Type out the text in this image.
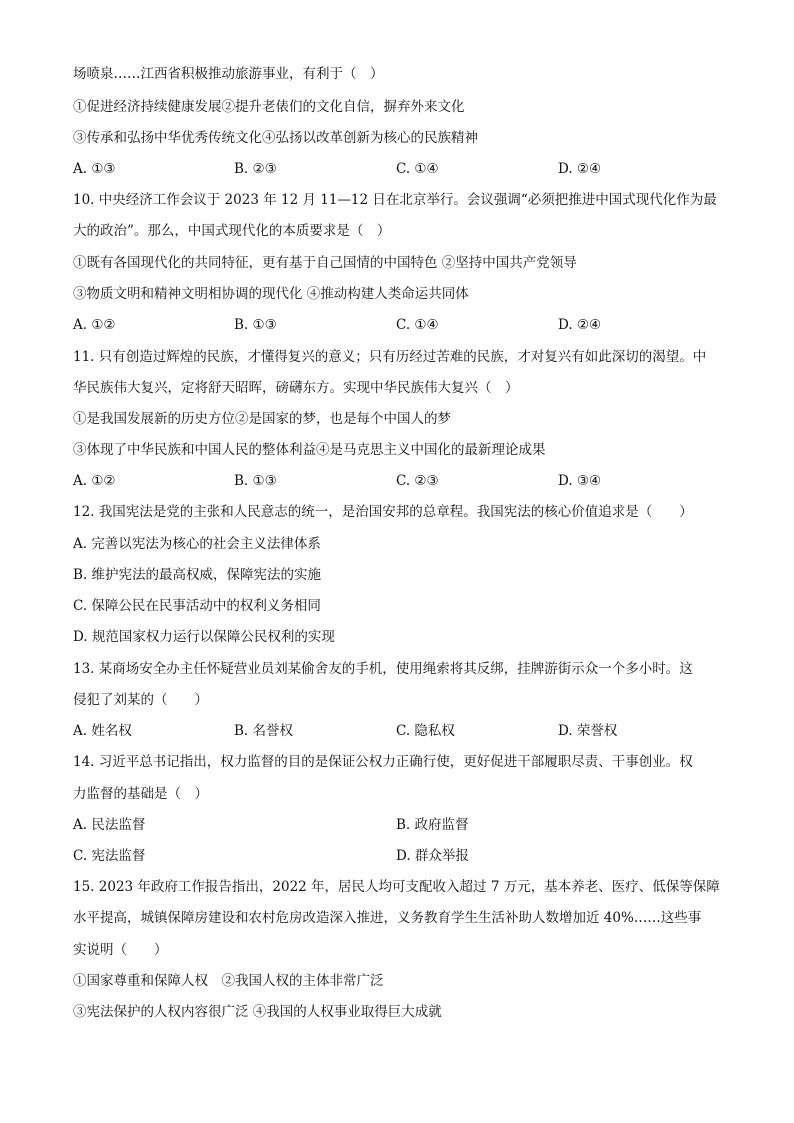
场喷泉……江西省积极推动旅游事业，有利于（　）
①促进经济持续健康发展②提升老俵们的文化自信，摒弃外来文化
③传承和弘扬中华优秀传统文化④弘扬以改革创新为核心的民族精神
A. ①③	B. ②③	C. ①④	D. ②④
10. 中央经济工作会议于 2023 年 12 月 11—12 日在北京举行。会议强调“必须把推进中国式现代化作为最
大的政治”。那么，中国式现代化的本质要求是（　）
①既有各国现代化的共同特征，更有基于自己国情的中国特色 ②坚持中国共产党领导
③物质文明和精神文明相协调的现代化 ④推动构建人类命运共同体
A. ①②	B. ①③	C. ①④	D. ②④
11. 只有创造过辉煌的民族，才懂得复兴的意义；只有历经过苦难的民族，才对复兴有如此深切的渴望。中
华民族伟大复兴，定将舒天昭晖，磅礴东方。实现中华民族伟大复兴（　）
①是我国发展新的历史方位②是国家的梦，也是每个中国人的梦
③体现了中华民族和中国人民的整体利益④是马克思主义中国化的最新理论成果
A. ①②	B. ①③	C. ②③	D. ③④
12. 我国宪法是党的主张和人民意志的统一，是治国安邦的总章程。我国宪法的核心价值追求是（　　）
A. 完善以宪法为核心的社会主义法律体系
B. 维护宪法的最高权威，保障宪法的实施
C. 保障公民在民事活动中的权利义务相同
D. 规范国家权力运行以保障公民权利的实现
13. 某商场安全办主任怀疑营业员刘某偷舍友的手机，使用绳索将其反绑，挂牌游街示众一个多小时。这
侵犯了刘某的（　　）
A. 姓名权	B. 名誉权	C. 隐私权	D. 荣誉权
14. 习近平总书记指出，权力监督的目的是保证公权力正确行使，更好促进干部履职尽责、干事创业。权
力监督的基础是（　）
A. 民法监督	B. 政府监督
C. 宪法监督	D. 群众举报
15. 2023 年政府工作报告指出，2022 年，居民人均可支配收入超过 7 万元，基本养老、医疗、低保等保障
水平提高，城镇保障房建设和农村危房改造深入推进，义务教育学生生活补助人数增加近 40%……这些事
实说明（　　）
①国家尊重和保障人权　②我国人权的主体非常广泛
③宪法保护的人权内容很广泛 ④我国的人权事业取得巨大成就
